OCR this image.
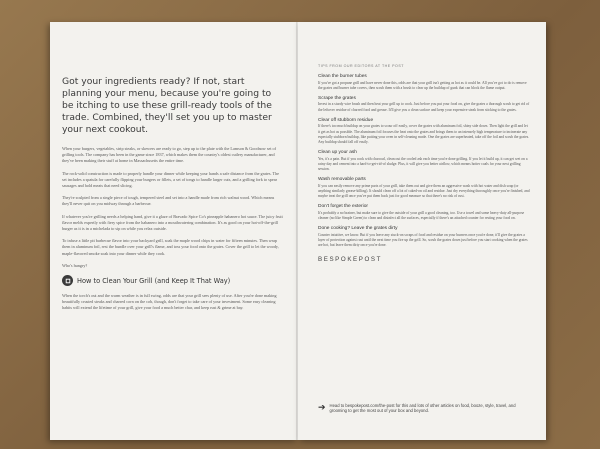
Got your ingredients ready? If not, start planning your menu, because you're going to be itching to use these grill-ready tools of the trade. Combined, they'll set you up to master your next cookout.

When your burgers, vegetables, strip steaks, or skewers are ready to go, step up to the plate with the Lamson & Goodnow set of grilling tools. The company has been in the game since 1837, which makes them the country's oldest cutlery manufacturer, and they've been making their stuff at home in Massachusetts the entire time.

The rock-solid construction is made to properly handle your dinner while keeping your hands a safe distance from the grates. The set includes a spatula for carefully flipping your burgers or fillets, a set of tongs to handle larger cuts, and a grilling fork to spear sausages and hold meats that need slicing.

They're sculpted from a single piece of tough, tempered steel and set into a handle made from rich walnut wood. Which means they'll never quit on you midway through a barbecue.

If whatever you're grilling needs a helping hand, give it a glaze of Bravado Spice Co's pineapple habanero hot sauce. The juicy fruit flavor melds expertly with fiery spice from the habanero into a mouthwatering combination. It's as good on your hot-off-the-grill burger as it is in a michelada to sip on while you relax outside.

To infuse a little pit barbecue flavor into your backyard grill, soak the maple wood chips in water for fifteen minutes. Then wrap them in aluminum foil, rest the bundle over your grill's flame, and toss your food onto the grates. Cover the grill to let the woody, maple-flavored smoke soak into your dinner while they cook.

Who's hungry?

How to Clean Your Grill (and Keep It That Way)

When the torch's out and the warm weather is in full swing, odds are that your grill sees plenty of use. After you're done making beautifully crusted steaks and charred corn on the cob, though, don't forget to take care of your investment. Some easy cleaning habits will extend the lifetime of your grill, give your food a much better char, and keep rust & grime at bay.

TIPS FROM OUR EDITORS AT THE POST

Clean the burner tubes

If you've got a propane grill and have never done this, odds are that your grill isn't getting as hot as it could be. All you've got to do is remove the grates and burner tube covers, then scrub them with a brush to clear up the buildup of gunk that can block the flame output.

Scrape the grates

Invest in a sturdy wire brush and then heat your grill up to cook. Just before you put your food on, give the grates a thorough scrub to get rid of the leftover residue of charred food and grease. It'll give you a clean surface and keep your expensive steak from sticking to the grates.

Clear off stubborn residue

If there's too much buildup on your grates to scour off easily, cover the grates with aluminum foil, shiny side down. Then light the grill and let it get as hot as possible. The aluminum foil focuses the heat onto the grates and brings them to an intensely high temperature to incinerate any especially stubborn buildup, like putting your oven in self-cleaning mode. One the grates are superheated, take off the foil and scrub the grates. Any buildup should fall off easily.

Clean up your ash

Yes, it's a pain. But if you cook with charcoal, clean out the cooled ash each time you're done grilling. If you let it build up, it can get wet on a rainy day and cement into a hard-to-get-rid-of sludge. Plus, it will give you better airflow, which means hotter coals for your next grilling session.

Wash removable parts

If you can easily remove any prime parts of your grill, take them out and give them an aggressive wash with hot water and dish soap (or anything similarly grease-killing). It should clean off a lot of caked-on oil and residue. Just dry everything thoroughly once you're finished, and maybe treat the grill once you've put them back just for good measure so that there's no risk of rust.

Don't forget the exterior

It's probably a no brainer, but make sure to give the outside of your grill a good cleaning, too. Use a towel and some heavy-duty all-purpose cleaner (no like Simple Green) to clean and disinfect all the surfaces, especially if there's an attached counter for resting your food on.

Done cooking? Leave the grates dirty

Counter intuitive, we know. But if you leave any stuck-on scraps of food and residue on your burners once you're done, it'll give the grates a layer of protection against rust until the next time you fire up the grill. So, scrub the grates down just before you start cooking when the grates are hot, but leave them dirty once you're done.

BESPOKEPOST

➔ Head to bespokepost.com/the-post for this and lots of other articles on food, booze, style, travel, and grooming to get the most out of your box and beyond.
